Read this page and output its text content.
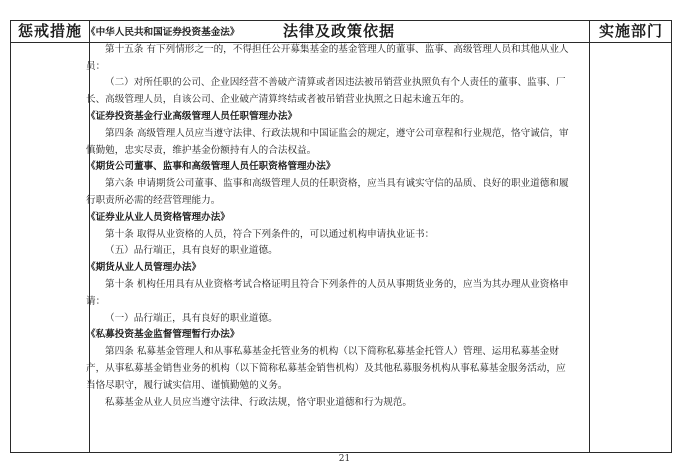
惩戒措施	法律及政策依据	实施部门

《中华人民共和国证券投资基金法》

第十五条 有下列情形之一的，不得担任公开募集基金的基金管理人的董事、监事、高级管理人员和其他从业人员：

（二）对所任职的公司、企业因经营不善破产清算或者因违法被吊销营业执照负有个人责任的董事、监事、厂长、高级管理人员，自该公司、企业破产清算终结或者被吊销营业执照之日起未逾五年的。

《证券投资基金行业高级管理人员任职管理办法》

第四条 高级管理人员应当遵守法律、行政法规和中国证监会的规定，遵守公司章程和行业规范，恪守诚信，审慎勤勉，忠实尽责，维护基金份额持有人的合法权益。

《期货公司董事、监事和高级管理人员任职资格管理办法》

第六条 申请期货公司董事、监事和高级管理人员的任职资格，应当具有诚实守信的品质、良好的职业道德和履行职责所必需的经营管理能力。

《证券业从业人员资格管理办法》

第十条 取得从业资格的人员，符合下列条件的，可以通过机构申请执业证书：

（五）品行端正，具有良好的职业道德。

《期货从业人员管理办法》

第十条 机构任用具有从业资格考试合格证明且符合下列条件的人员从事期货业务的，应当为其办理从业资格申请：

（一）品行端正，具有良好的职业道德。

《私募投资基金监督管理暂行办法》

第四条 私募基金管理人和从事私募基金托管业务的机构（以下简称私募基金托管人）管理、运用私募基金财产，从事私募基金销售业务的机构（以下简称私募基金销售机构）及其他私募服务机构从事私募基金服务活动，应当恪尽职守，履行诚实信用、谨慎勤勉的义务。

私募基金从业人员应当遵守法律、行政法规，恪守职业道德和行为规范。

21
